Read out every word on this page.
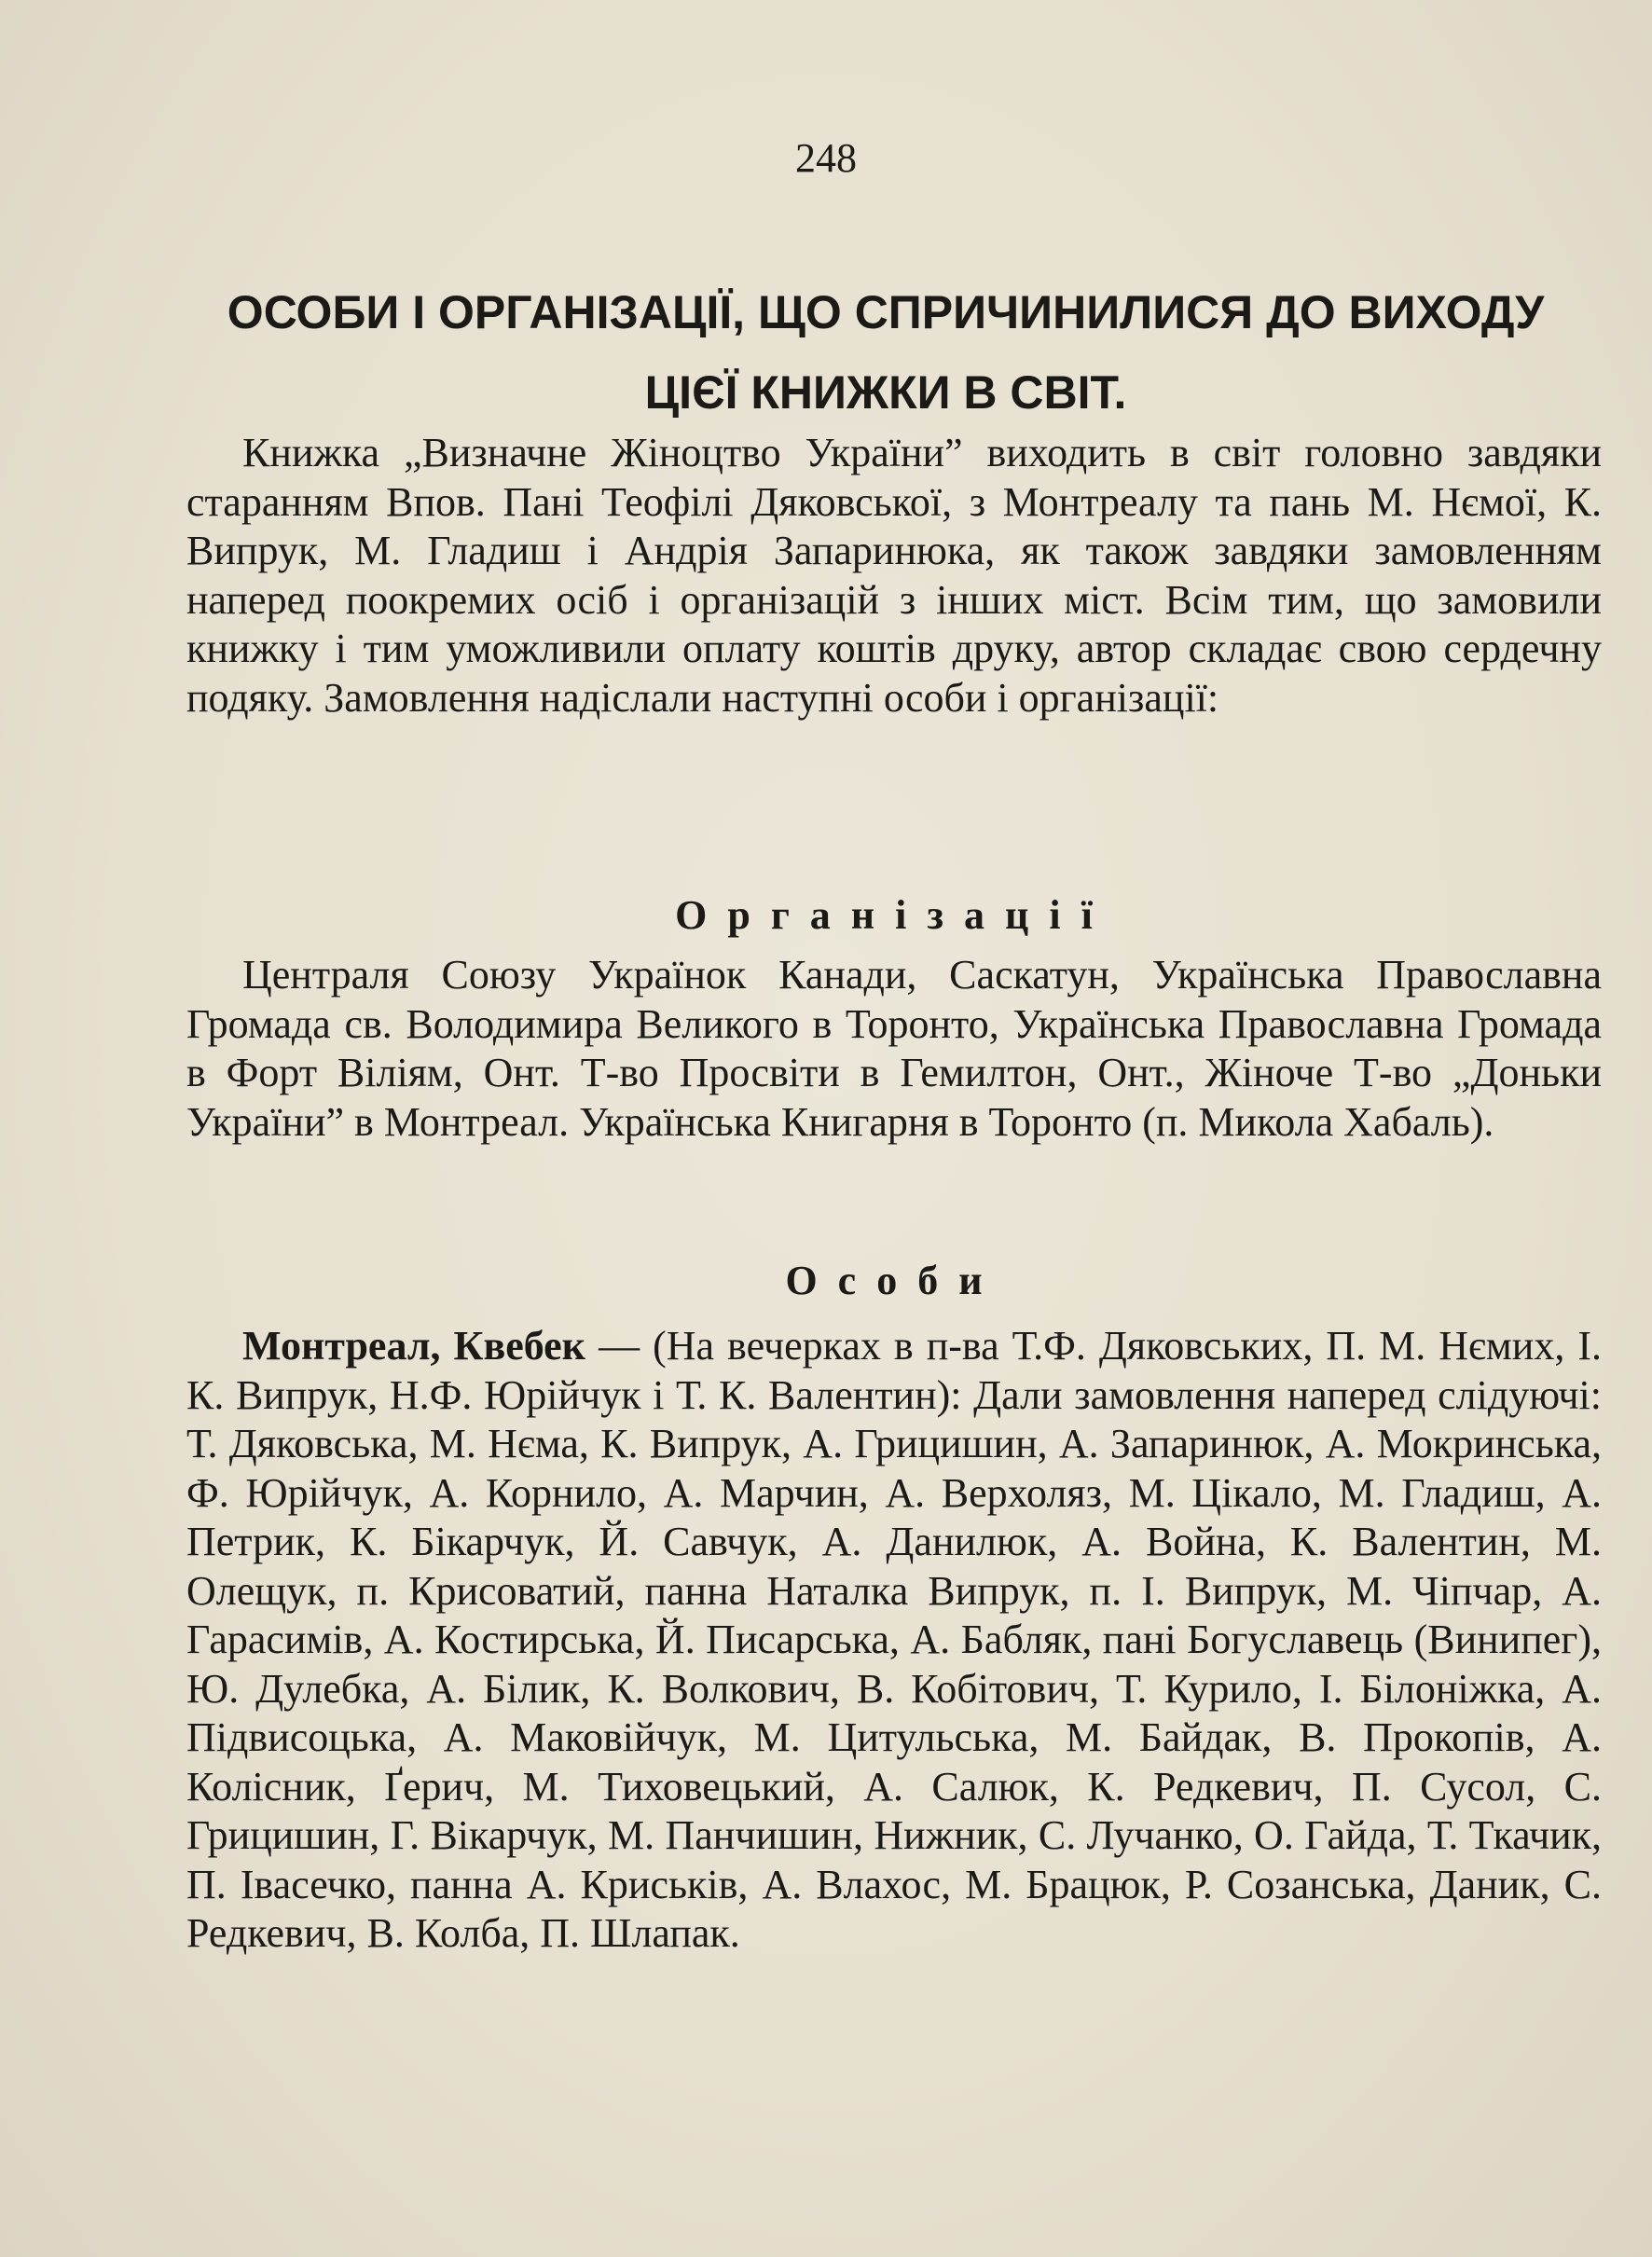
248
ОСОБИ І ОРГАНІЗАЦІЇ, ЩО СПРИЧИНИЛИСЯ ДО ВИХОДУ
ЦІЄЇ КНИЖКИ В СВІТ.

Книжка „Визначне Жіноцтво України” виходить в світ головно завдяки старанням Впов. Пані Теофілі Дяковської, з Монтреалу та пань М. Нємої, К. Випрук, М. Гладиш і Андрія Запаринюка, як також завдяки замовленням наперед поокремих осіб і організацій з інших міст. Всім тим, що замовили книжку і тим уможливили оплату коштів друку, автор складає свою сердечну подяку. Замовлення надіслали наступні особи і організації:

Організації

Централя Союзу Українок Канади, Саскатун, Українська Православна Громада св. Володимира Великого в Торонто, Українська Православна Громада в Форт Віліям, Онт. Т-во Просвіти в Гемилтон, Онт., Жіноче Т-во „Доньки України” в Монтреал. Українська Книгарня в Торонто (п. Микола Хабаль).

Особи

Монтреал, Квебек — (На вечерках в п-ва Т.Ф. Дяковських, П. М. Нємих, І. К. Випрук, Н.Ф. Юрійчук і Т. К. Валентин): Дали замовлення наперед слідуючі: Т. Дяковська, М. Нєма, К. Випрук, А. Грицишин, А. Запаринюк, А. Мокринська, Ф. Юрійчук, А. Корнило, А. Марчин, А. Верхоляз, М. Цікало, М. Гладиш, А. Петрик, К. Бікарчук, Й. Савчук, А. Данилюк, А. Война, К. Валентин, М. Олещук, п. Крисоватий, панна Наталка Випрук, п. І. Випрук, М. Чіпчар, А. Гарасимів, А. Костирська, Й. Писарська, А. Бабляк, пані Богуславець (Винипег), Ю. Дулебка, А. Білик, К. Волкович, В. Кобітович, Т. Курило, І. Білоніжка, А. Підвисоцька, А. Маковійчук, М. Цитульська, М. Байдак, В. Прокопів, А. Колісник, Ґерич, М. Тиховецький, А. Салюк, К. Редкевич, П. Сусол, С. Грицишин, Г. Вікарчук, М. Панчишин, Нижник, С. Лучанко, О. Гайда, Т. Ткачик, П. Івасечко, панна А. Криськів, А. Влахос, М. Брацюк, Р. Созанська, Даник, С. Редкевич, В. Колба, П. Шлапак.
